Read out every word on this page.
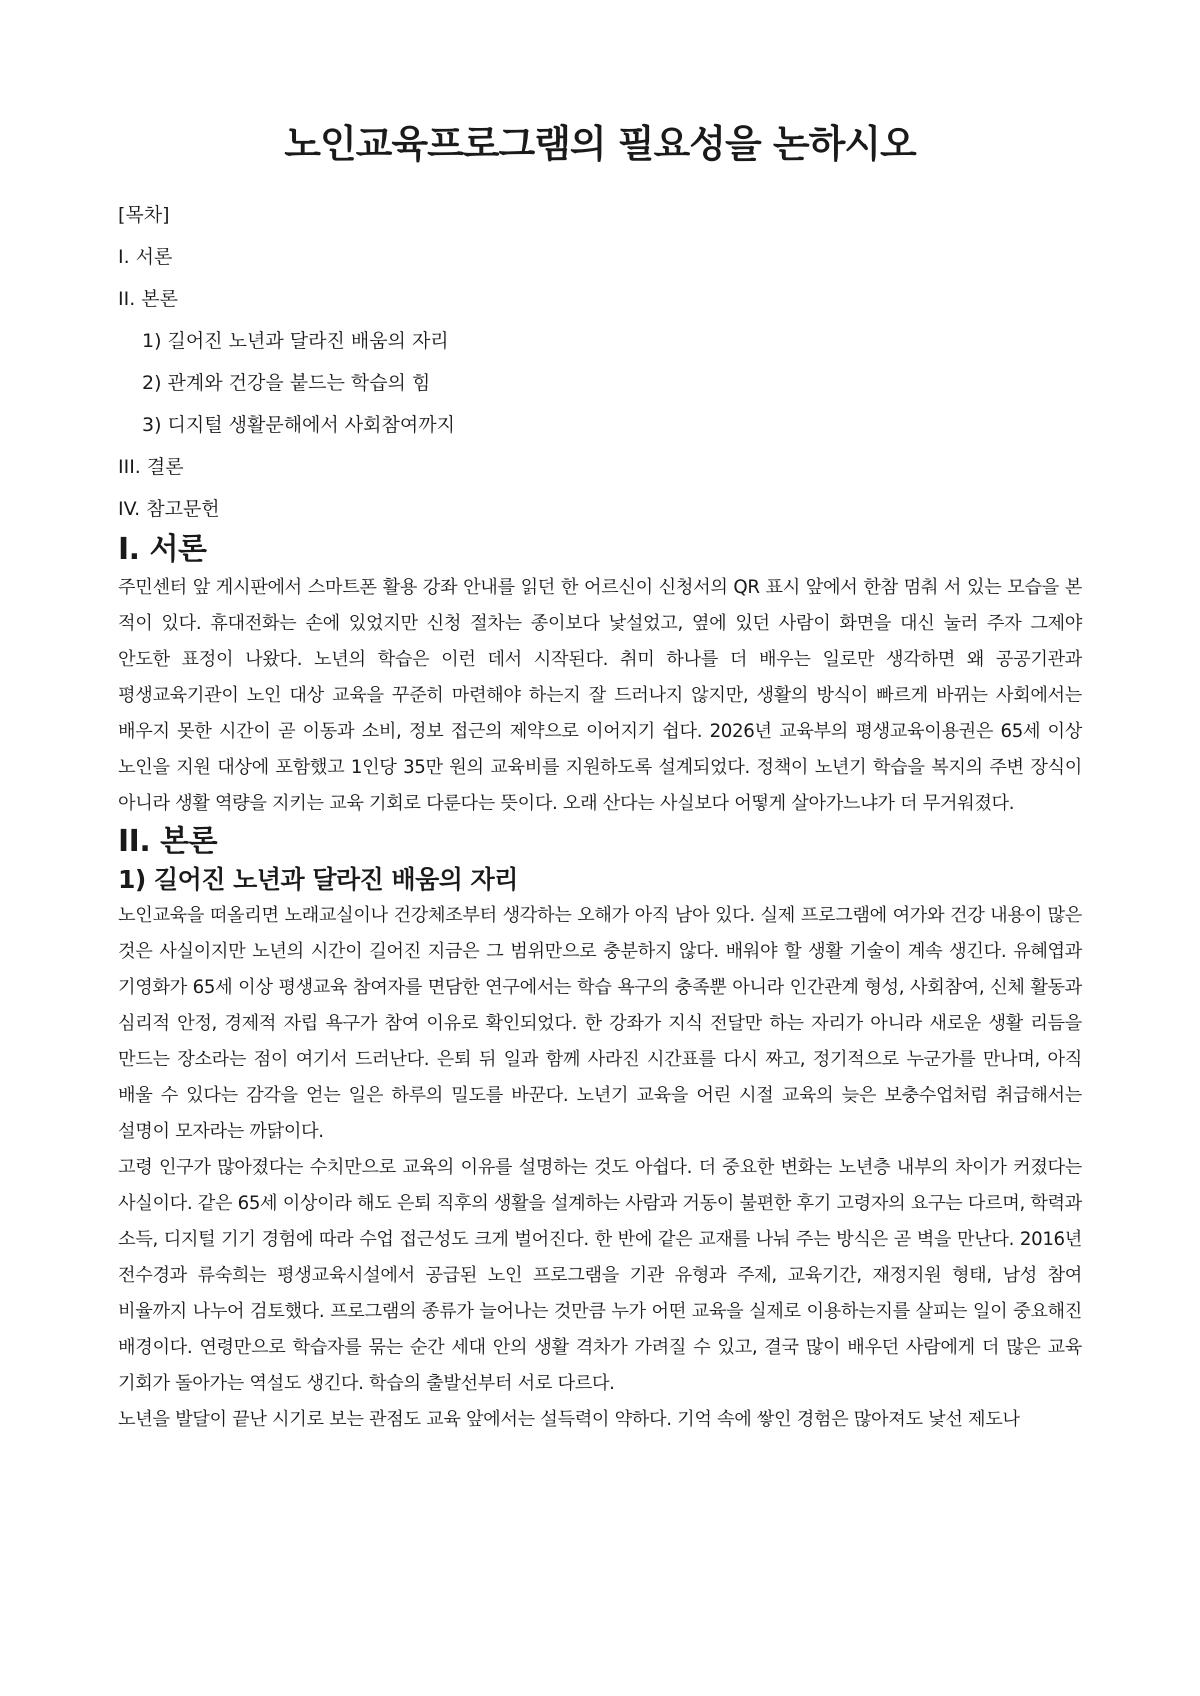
노인교육프로그램의 필요성을 논하시오
[목차]
I. 서론
II. 본론
1) 길어진 노년과 달라진 배움의 자리
2) 관계와 건강을 붙드는 학습의 힘
3) 디지털 생활문해에서 사회참여까지
III. 결론
IV. 참고문헌
I. 서론

주민센터 앞 게시판에서 스마트폰 활용 강좌 안내를 읽던 한 어르신이 신청서의 QR 표시 앞에서 한참 멈춰 서 있는 모습을 본 적이 있다. 휴대전화는 손에 있었지만 신청 절차는 종이보다 낯설었고, 옆에 있던 사람이 화면을 대신 눌러 주자 그제야 안도한 표정이 나왔다. 노년의 학습은 이런 데서 시작된다. 취미 하나를 더 배우는 일로만 생각하면 왜 공공기관과 평생교육기관이 노인 대상 교육을 꾸준히 마련해야 하는지 잘 드러나지 않지만, 생활의 방식이 빠르게 바뀌는 사회에서는 배우지 못한 시간이 곧 이동과 소비, 정보 접근의 제약으로 이어지기 쉽다. 2026년 교육부의 평생교육이용권은 65세 이상 노인을 지원 대상에 포함했고 1인당 35만 원의 교육비를 지원하도록 설계되었다. 정책이 노년기 학습을 복지의 주변 장식이 아니라 생활 역량을 지키는 교육 기회로 다룬다는 뜻이다. 오래 산다는 사실보다 어떻게 살아가느냐가 더 무거워졌다.

II. 본론
1) 길어진 노년과 달라진 배움의 자리

노인교육을 떠올리면 노래교실이나 건강체조부터 생각하는 오해가 아직 남아 있다. 실제 프로그램에 여가와 건강 내용이 많은 것은 사실이지만 노년의 시간이 길어진 지금은 그 범위만으로 충분하지 않다. 배워야 할 생활 기술이 계속 생긴다. 유혜엽과 기영화가 65세 이상 평생교육 참여자를 면담한 연구에서는 학습 욕구의 충족뿐 아니라 인간관계 형성, 사회참여, 신체 활동과 심리적 안정, 경제적 자립 욕구가 참여 이유로 확인되었다. 한 강좌가 지식 전달만 하는 자리가 아니라 새로운 생활 리듬을 만드는 장소라는 점이 여기서 드러난다. 은퇴 뒤 일과 함께 사라진 시간표를 다시 짜고, 정기적으로 누군가를 만나며, 아직 배울 수 있다는 감각을 얻는 일은 하루의 밀도를 바꾼다. 노년기 교육을 어린 시절 교육의 늦은 보충수업처럼 취급해서는 설명이 모자라는 까닭이다.

고령 인구가 많아졌다는 수치만으로 교육의 이유를 설명하는 것도 아쉽다. 더 중요한 변화는 노년층 내부의 차이가 커졌다는 사실이다. 같은 65세 이상이라 해도 은퇴 직후의 생활을 설계하는 사람과 거동이 불편한 후기 고령자의 요구는 다르며, 학력과 소득, 디지털 기기 경험에 따라 수업 접근성도 크게 벌어진다. 한 반에 같은 교재를 나눠 주는 방식은 곧 벽을 만난다. 2016년 전수경과 류숙희는 평생교육시설에서 공급된 노인 프로그램을 기관 유형과 주제, 교육기간, 재정지원 형태, 남성 참여 비율까지 나누어 검토했다. 프로그램의 종류가 늘어나는 것만큼 누가 어떤 교육을 실제로 이용하는지를 살피는 일이 중요해진 배경이다. 연령만으로 학습자를 묶는 순간 세대 안의 생활 격차가 가려질 수 있고, 결국 많이 배우던 사람에게 더 많은 교육 기회가 돌아가는 역설도 생긴다. 학습의 출발선부터 서로 다르다.

노년을 발달이 끝난 시기로 보는 관점도 교육 앞에서는 설득력이 약하다. 기억 속에 쌓인 경험은 많아져도 낯선 제도나
